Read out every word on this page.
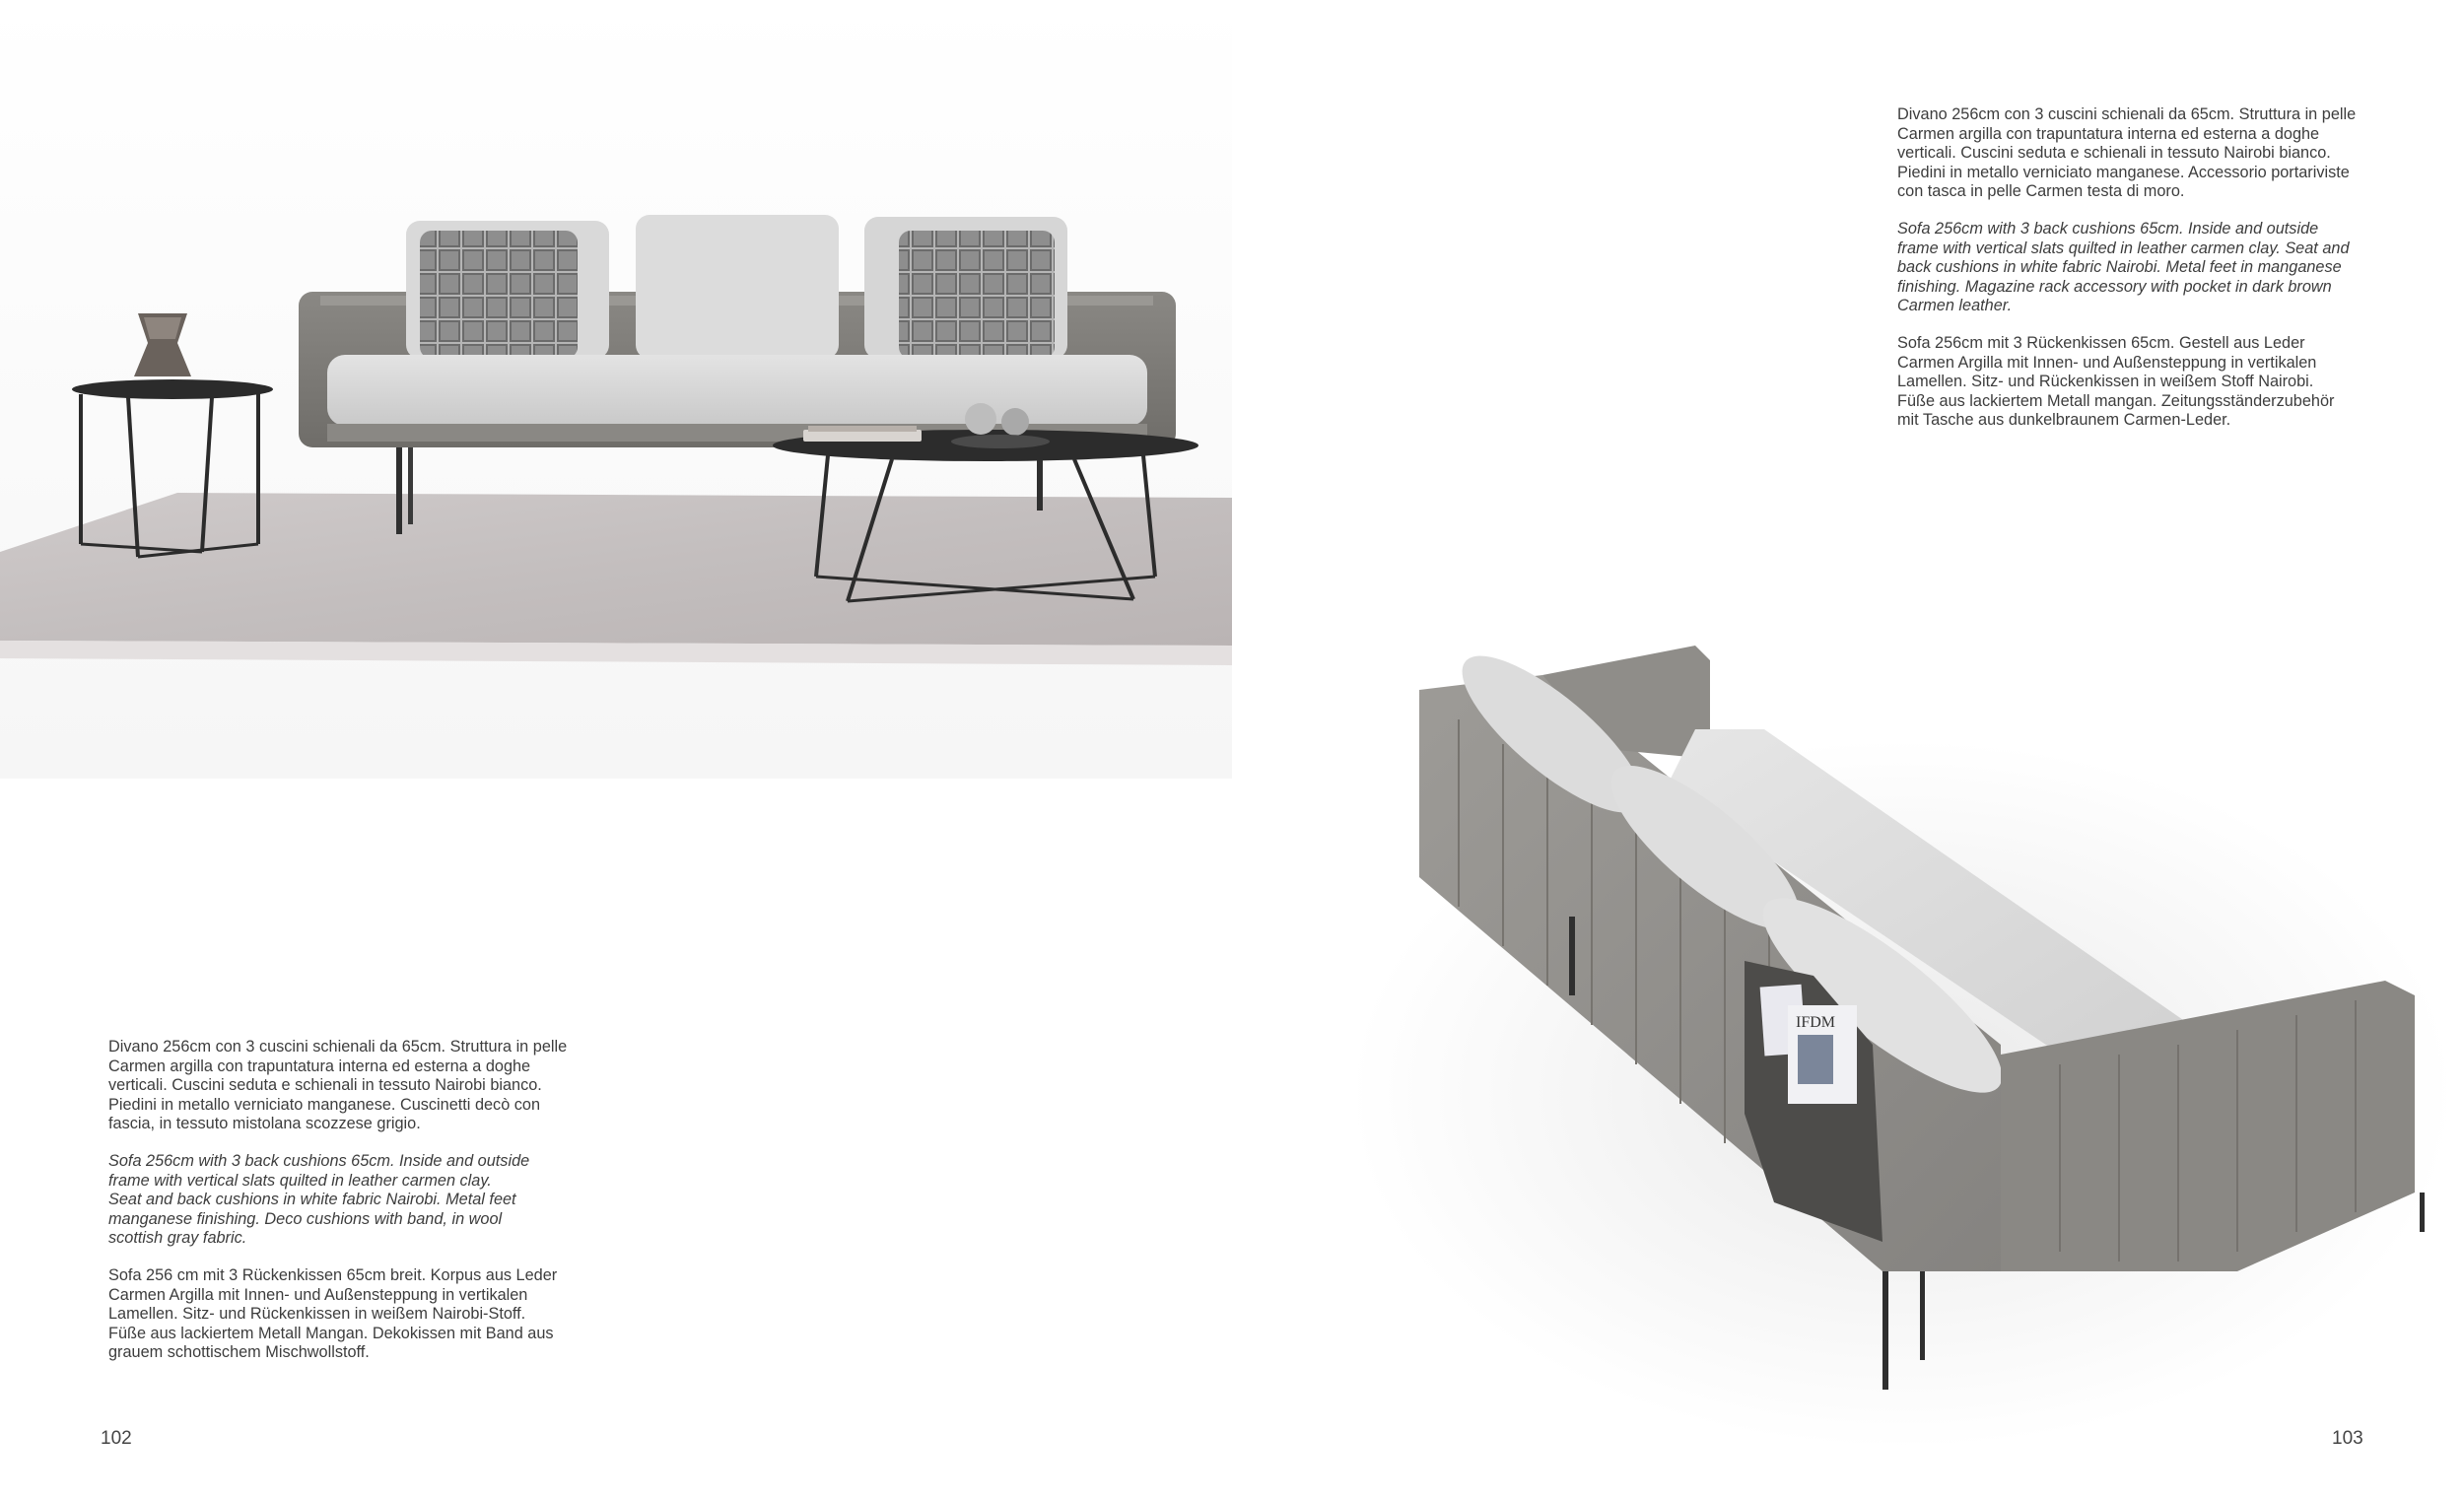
IFDM

Divano 256cm con 3 cuscini schienali da 65cm. Struttura in pelle
Carmen argilla con trapuntatura interna ed esterna a doghe
verticali. Cuscini seduta e schienali in tessuto Nairobi bianco.
Piedini in metallo verniciato manganese. Cuscinetti decò con
fascia, in tessuto mistolana scozzese grigio.

Sofa 256cm with 3 back cushions 65cm. Inside and outside
frame with vertical slats quilted in leather carmen clay.
Seat and back cushions in white fabric Nairobi. Metal feet
manganese finishing. Deco cushions with band, in wool
scottish gray fabric.

Sofa 256 cm mit 3 Rückenkissen 65cm breit. Korpus aus Leder
Carmen Argilla mit Innen- und Außensteppung in vertikalen
Lamellen. Sitz- und Rückenkissen in weißem Nairobi-Stoff.
Füße aus lackiertem Metall Mangan. Dekokissen mit Band aus
grauem schottischem Mischwollstoff.

Divano 256cm con 3 cuscini schienali da 65cm. Struttura in pelle
Carmen argilla con trapuntatura interna ed esterna a doghe
verticali. Cuscini seduta e schienali in tessuto Nairobi bianco.
Piedini in metallo verniciato manganese. Accessorio portariviste
con tasca in pelle Carmen testa di moro.

Sofa 256cm with 3 back cushions 65cm. Inside and outside
frame with vertical slats quilted in leather carmen clay. Seat and
back cushions in white fabric Nairobi. Metal feet in manganese
finishing. Magazine rack accessory with pocket in dark brown
Carmen leather.

Sofa 256cm mit 3 Rückenkissen 65cm. Gestell aus Leder
Carmen Argilla mit Innen- und Außensteppung in vertikalen
Lamellen. Sitz- und Rückenkissen in weißem Stoff Nairobi.
Füße aus lackiertem Metall mangan. Zeitungsständerzubehör
mit Tasche aus dunkelbraunem Carmen-Leder.

102	103
